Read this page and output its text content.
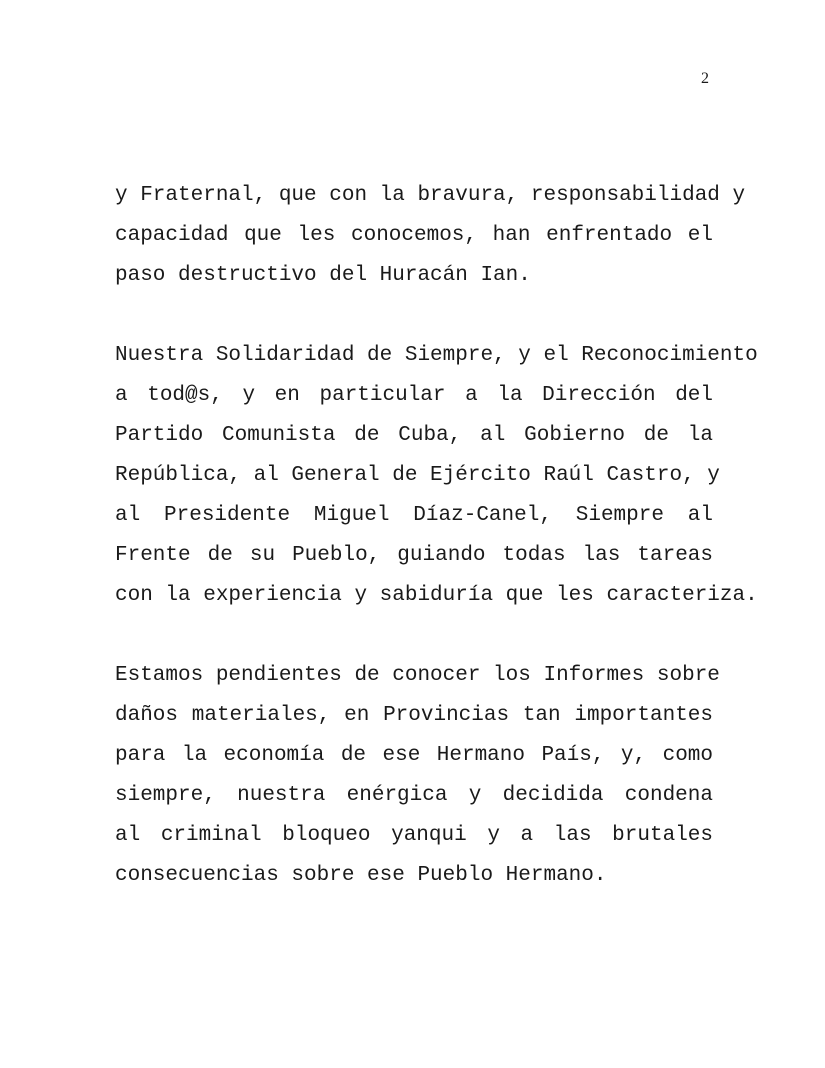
2
y Fraternal, que con la bravura, responsabilidad y
capacidad que les conocemos, han enfrentado el
paso destructivo del Huracán Ian.
Nuestra Solidaridad de Siempre, y el Reconocimiento
a tod@s, y en particular a la Dirección del
Partido Comunista de Cuba, al Gobierno de la
República, al General de Ejército Raúl Castro, y
al Presidente Miguel Díaz-Canel, Siempre al
Frente de su Pueblo, guiando todas las tareas
con la experiencia y sabiduría que les caracteriza.
Estamos pendientes de conocer los Informes sobre
daños materiales, en Provincias tan importantes
para la economía de ese Hermano País, y, como
siempre, nuestra enérgica y decidida condena
al criminal bloqueo yanqui y a las brutales
consecuencias sobre ese Pueblo Hermano.
